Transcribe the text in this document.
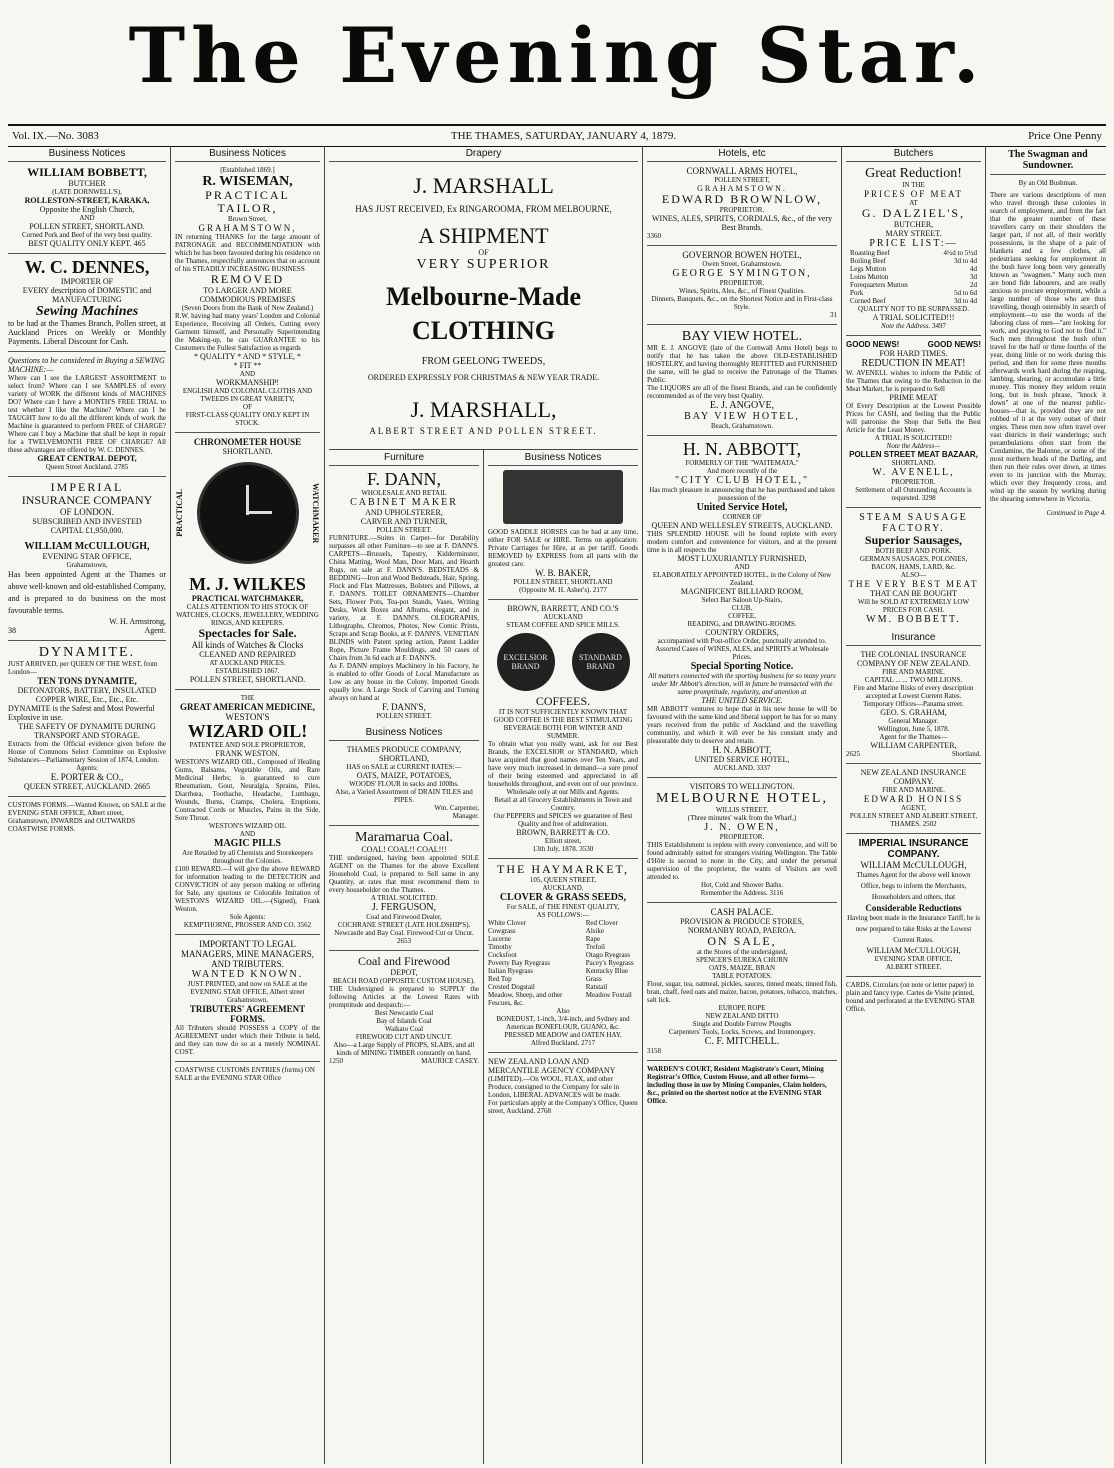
The Evening Star.
Vol. IX.—No. 3083	THE THAMES, SATURDAY, JANUARY 4, 1879.	Price One Penny
Business Notices
WILLIAM BOBBETT,
BUTCHER
(LATE DORNWELL'S),
ROLLESTON-STREET, KARAKA,
Opposite the English Church,
AND
POLLEN STREET, SHORTLAND.
Corned Pork and Beef of the very best quality.
BEST QUALITY ONLY KEPT. 465
W. C. DENNES,
IMPORTER OF
EVERY description of DOMESTIC and MANUFACTURING
Sewing Machines
to be had at the Thames Branch, Pollen street, at Auckland Prices on Weekly or Monthly Payments. Liberal Discount for Cash.
Questions to be considered in Buying a SEWING MACHINE:—
Where can I see the LARGEST ASSORTMENT to select from? Where can I see SAMPLES of every variety of WORK the different kinds of MACHINES DO? Where can I have a MONTH'S FREE TRIAL to test whether I like the Machine? Where can I be TAUGHT how to do all the different kinds of work the Machine is guaranteed to perform FREE of CHARGE? Where can I buy a Machine that shall be kept in repair for a TWELVEMONTH FREE OF CHARGE? All these advantages are offered by W. C. DENNES.
GREAT CENTRAL DEPOT,
Queen Street Auckland. 2785
IMPERIAL
INSURANCE COMPANY
OF LONDON.
SUBSCRIBED AND INVESTED
CAPITAL £1,950,000.
WILLIAM McCULLOUGH,
EVENING STAR OFFICE,
Grahamstown,
Has been appointed Agent at the Thames or above well-known and old-established Company, and is prepared to do business on the most favourable terms.
W. H. Armstrong,
38	Agent.
DYNAMITE.
JUST ARRIVED, per QUEEN OF THE WEST, from London—
TEN TONS DYNAMITE,
DETONATORS, BATTERY, INSULATED COPPER WIRE, Etc., Etc., Etc.
DYNAMITE is the Safest and Most Powerful Explosive in use.
THE SAFETY OF DYNAMITE DURING TRANSPORT AND STORAGE.
Extracts from the Official evidence given before the House of Commons Select Committee on Explosive Substances—Parliamentary Session of 1874, London.
Agents:
E. PORTER & CO.,
QUEEN STREET, AUCKLAND. 2665
CUSTOMS FORMS.—Wanted Known, on SALE at the EVENING STAR OFFICE, Albert street, Grahamstown, INWARDS and OUTWARDS COASTWISE FORMS.
Business Notices
[Established 1869.]
R. WISEMAN,
PRACTICAL TAILOR,
Brown Street,
GRAHAMSTOWN,
IN returning THANKS for the large amount of PATRONAGE and RECOMMENDATION with which he has been favoured during his residence on the Thames, respectfully announces that on account of his STEADILY INCREASING BUSINESS
REMOVED
TO LARGER AND MORE COMMODIOUS PREMISES
(Seven Doors from the Bank of New Zealand.)
R.W. having had many years' London and Colonial Experience, Receiving all Orders, Cutting every Garment himself, and Personally Superintending the Making-up, he can GUARANTEE to his Customers the Fullest Satisfaction as regards
* QUALITY * AND * STYLE, *
* FIT **
AND
WORKMANSHIP!
ENGLISH AND COLONIAL CLOTHS AND TWEEDS IN GREAT VARIETY,
OF
FIRST-CLASS QUALITY ONLY KEPT IN STOCK.
CHRONOMETER HOUSE
SHORTLAND.
PRACTICAL	WATCHMAKER
M. J. WILKES
PRACTICAL WATCHMAKER,
CALLS ATTENTION TO HIS STOCK OF WATCHES, CLOCKS, JEWELLERY, WEDDING RINGS, AND KEEPERS.
Spectacles for Sale.
All kinds of Watches & Clocks
CLEANED AND REPAIRED
AT AUCKLAND PRICES.
ESTABLISHED 1867.
POLLEN STREET, SHORTLAND.
THE
GREAT AMERICAN MEDICINE,
WESTON'S
WIZARD OIL!
PATENTEE AND SOLE PROPRIETOR,
FRANK WESTON.
WESTON'S WIZARD OIL, Composed of Healing Gums, Balsams, Vegetable Oils, and Rare Medicinal Herbs; is guaranteed to cure Rheumatism, Gout, Neuralgia, Sprains, Piles, Diarrhœa, Toothache, Headache, Lumbago, Wounds, Burns, Cramps, Cholera, Eruptions, Contracted Cords or Muscles, Pains in the Side, Sore Throat.
WESTON'S WIZARD OIL
AND
MAGIC PILLS
Are Retailed by all Chemists and Storekeepers throughout the Colonies.
£100 REWARD.—I will give the above REWARD for information leading to the DETECTION and CONVICTION of any person making or offering for Sale, any spurious or Colorable Imitation of WESTON'S WIZARD OIL.—(Signed), Frank Weston.
Sole Agents:
KEMPTHORNE, PROSSER AND CO. 3562
IMPORTANT TO LEGAL MANAGERS, MINE MANAGERS, AND TRIBUTERS.
WANTED KNOWN.
JUST PRINTED, and now on SALE at the EVENING STAR OFFICE, Albert street Grahamstown,
TRIBUTERS' AGREEMENT FORMS.
All Tributers should POSSESS a COPY of the AGREEMENT under which their Tribute is held, and they can now do so at a merely NOMINAL COST.
COASTWISE CUSTOMS ENTRIES (forms) ON SALE at the EVENING STAR Office
Drapery
J. MARSHALL
HAS JUST RECEIVED, Ex RINGAROOMA, FROM MELBOURNE,
A SHIPMENT
OF
VERY SUPERIOR
Melbourne-Made CLOTHING
FROM GEELONG TWEEDS,
ORDERED EXPRESSLY FOR CHRISTMAS & NEW YEAR TRADE.
J. MARSHALL,
ALBERT STREET AND POLLEN STREET.
Furniture
F. DANN,
WHOLESALE AND RETAIL
CABINET MAKER
AND UPHOLSTERER,
CARVER AND TURNER,
POLLEN STREET.
FURNITURE.—Suites in Carpet—for Durability surpasses all other Furniture—to see at F. DANN'S. CARPETS—Brussels, Tapestry, Kidderminster, China Matting, Wool Mats, Door Mats, and Hearth Rugs, on sale at F. DANN'S. BEDSTEADS & BEDDING—Iron and Wood Bedsteads, Hair, Spring, Flock and Flax Mattresses, Bolsters and Pillows, at F. DANN'S. TOILET ORNAMENTS—Chamber Sets, Flower Pots, Tea-pot Stands, Vases, Writing Desks, Work Boxes and Albums, elegant, and in variety, at F. DANN'S. OLEOGRAPHS, Lithographs, Chromos, Photos, New Comic Prints, Scraps and Scrap Books, at F. DANN'S. VENETIAN BLINDS with Patent spring action, Patent Ladder Rope, Picture Frame Mouldings, and 50 cases of Chairs from 3s 6d each at F. DANN'S.
As F. DANN employs Machinery in his Factory, he is enabled to offer Goods of Local Manufacture as Low as any house in the Colony. Imported Goods equally low. A Large Stock of Carving and Turning always on hand at
F. DANN'S,
POLLEN STREET.
Business Notices
THAMES PRODUCE COMPANY, SHORTLAND,
HAS on SALE at CURRENT RATES:—
OATS, MAIZE, POTATOES,
WOODS' FLOUR in sacks and 100lbs.
Also, a Varied Assortment of DRAIN TILES and PIPES.
Wm. Carpenter,
Manager.
Maramarua Coal.
COAL! COAL!! COAL!!!
THE undersigned, having been appointed SOLE AGENT on the Thames for the above Excellent Household Coal, is prepared to Sell same in any Quantity, at rates that must recommend them to every householder on the Thames.
A TRIAL SOLICITED.
J. FERGUSON,
Coal and Firewood Dealer,
COCHRANE STREET (LATE HOLDSHIP'S).
Newcastle and Bay Coal. Firewood Cut or Uncut. 2653
Coal and Firewood
DEPOT,
BEACH ROAD (OPPOSITE CUSTOM HOUSE).
THE Undersigned is prepared to SUPPLY the following Articles at the Lowest Rates with promptitude and despatch:—
Best Newcastle Coal
Bay of Islands Coal
Waikato Coal
FIREWOOD CUT AND UNCUT.
Also—a Large Supply of PROPS, SLABS, and all kinds of MINING TIMBER constantly on hand.
1250	MAURICE CASEY.
Business Notices
GOOD SADDLE HORSES can be had at any time, either FOR SALE or HIRE. Terms on application: Private Carriages for Hire, at as per tariff. Goods REMOVED by EXPRESS from all parts with the greatest care.
W. B. BAKER,
POLLEN STREET, SHORTLAND
(Opposite M. H. Asher's). 2177
BROWN, BARRETT, AND CO.'S
AUCKLAND
STEAM COFFEE AND SPICE MILLS.
EXCELSIOR BRAND
STANDARD BRAND
COFFEES.
IT IS NOT SUFFICIENTLY KNOWN THAT GOOD COFFEE IS THE BEST STIMULATING BEVERAGE BOTH FOR WINTER AND SUMMER.
To obtain what you really want, ask for our Best Brands, the EXCELSIOR or STANDARD, which have acquired that good names over Ten Years, and have very much increased in demand—a sure proof of their being esteemed and appreciated in all households throughout, and even out of our province.
Wholesale only at our Mills and Agents.
Retail at all Grocery Establishments in Town and Country.
Our PEPPERS and SPICES we guarantee of Best Quality and free of adulteration.
BROWN, BARRETT & CO.
Elliott street,
13th July, 1878. 3530
THE HAYMARKET,
105, QUEEN STREET,
AUCKLAND.
CLOVER & GRASS SEEDS,
For SALE, of THE FINEST QUALITY,
AS FOLLOWS:—
White Clover
Cowgrass
Lucerne
Timothy
Cocksfoot
Poverty Bay Ryegrass
Italian Ryegrass
Red Top
Crested Dogstail
Meadow, Sheep, and other Fescues, &c.
Red Clover
Alsike
Rape
Trefoil
Otago Ryegrass
Pacey's Ryegrass
Kentucky Blue Grass
Ratstail
Meadow Foxtail
Also
BONEDUST, 1-inch, 3/4-inch, and Sydney and American BONEFLOUR, GUANO, &c.
PRESSED MEADOW and OATEN HAY.
Alfred Buckland. 2717
NEW ZEALAND LOAN AND MERCANTILE AGENCY COMPANY
(LIMITED).—On WOOL, FLAX, and other Produce, consigned to the Company for sale in London, LIBERAL ADVANCES will be made.
For particulars apply at the Company's Office, Queen street, Auckland. 2768
Hotels, etc
CORNWALL ARMS HOTEL,
POLLEN STREET,
GRAHAMSTOWN.
EDWARD BROWNLOW,
PROPRIETOR.
WINES, ALES, SPIRITS, CORDIALS, &c., of the very Best Brands.
3360
GOVERNOR BOWEN HOTEL,
Owen Street, Grahamstown.
GEORGE SYMINGTON,
PROPRIETOR.
Wines, Spirits, Ales, &c., of Finest Qualities.
Dinners, Banquets, &c., on the Shortest Notice and in First-class Style.
31
BAY VIEW HOTEL.
MR E. J. ANGOVE (late of the Cornwall Arms Hotel) begs to notify that he has taken the above OLD-ESTABLISHED HOSTELRY, and having thoroughly REFITTED and FURNISHED the same, will be glad to receive the Patronage of the Thames Public.
The LIQUORS are all of the finest Brands, and can be confidently recommended as of the very best Quality.
E. J. ANGOVE,
BAY VIEW HOTEL,
Beach, Grahamstown.
H. N. ABBOTT,
FORMERLY OF THE "WAITEMATA,"
And more recently of the
"CITY CLUB HOTEL,"
Has much pleasure in announcing that he has purchased and taken possession of the
United Service Hotel,
CORNER OF
QUEEN AND WELLESLEY STREETS, AUCKLAND.
THIS SPLENDID HOUSE will be found replete with every modern comfort and convenience for visitors, and at the present time is in all respects the
MOST LUXURIANTLY FURNISHED,
AND
ELABORATELY APPOINTED HOTEL, in the Colony of New Zealand.
MAGNIFICENT BILLIARD ROOM,
Select Bar Saloon Up-Stairs,
CLUB,
COFFEE,
READING, and DRAWING-ROOMS.
COUNTRY ORDERS,
accompanied with Post-office Order, punctually attended to.
Assorted Cases of WINES, ALES, and SPIRITS at Wholesale Prices.
Special Sporting Notice.
All matters connected with the sporting business for so many years under Mr Abbott's direction, will in future be transacted with the same promptitude, regularity, and attention at
THE UNITED SERVICE.
MR ABBOTT ventures to hope that in his new house he will be favoured with the same kind and liberal support he has for so many years received from the public of Auckland and the travelling community, and which it will ever be his constant study and pleasurable duty to deserve and retain.
H. N. ABBOTT,
UNITED SERVICE HOTEL,
AUCKLAND. 3337
VISITORS TO WELLINGTON.
MELBOURNE HOTEL,
WILLIS STREET,
(Three minutes' walk from the Wharf,)
J. N. OWEN,
PROPRIETOR.
THIS Establishment is replete with every convenience, and will be found admirably suited for strangers visiting Wellington. The Table d'Hôte is second to none in the City, and under the personal supervision of the proprietor, the wants of Visitors are well attended to.
Hot, Cold and Shower Baths.
Remember the Address. 3116
CASH PALACE.
PROVISION & PRODUCE STORES,
NORMANBY ROAD, PAEROA.
ON SALE,
at the Stores of the undersigned,
SPENCER'S EUREKA CHURN
OATS, MAIZE, BRAN
TABLE POTATOES.
Flour, sugar, tea, oatmeal, pickles, sauces, tinned meats, tinned fish, bran, chaff, feed oats and maize, bacon, potatoes, tobacco, matches, salt lick.
EUROPE ROPE
NEW ZEALAND DITTO
Single and Double Furrow Ploughs
Carpenters' Tools, Locks, Screws, and Ironmongery.
C. F. MITCHELL.
3158
WARDEN'S COURT, Resident Magistrate's Court, Mining Registrar's Office, Custom House, and all other forms—including those in use by Mining Companies, Claim holders, &c., printed on the shortest notice at the EVENING STAR Office.
Butchers
Great Reduction!
IN THE
PRICES OF MEAT
AT
G. DALZIEL'S,
BUTCHER,
MARY STREET.
PRICE LIST:—
Roasting Beef	4½d to 5½d
Boiling Beef	3d to 4d
Legs Mutton	4d
Loins Mutton	3d
Forequarters Mutton	2d
Pork	5d to 6d
Corned Beef	3d to 4d
QUALITY NOT TO BE SURPASSED.
A TRIAL SOLICITED!!!
Note the Address. 3497
GOOD NEWS!	GOOD NEWS!
FOR HARD TIMES.
REDUCTION IN MEAT!
W. AVENELL wishes to inform the Public of the Thames that owing to the Reduction in the Meat Market, he is prepared to Sell
PRIME MEAT
Of Every Description at the Lowest Possible Prices for CASH, and feeling that the Public will patronise the Shop that Sells the Best Article for the Least Money.
A TRIAL IS SOLICITED!!
Note the Address—
POLLEN STREET MEAT BAZAAR,
SHORTLAND.
W. AVENELL,
PROPRIETOR.
Settlement of all Outstanding Accounts is requested. 3298
STEAM SAUSAGE FACTORY.
Superior Sausages,
BOTH BEEF AND PORK.
GERMAN SAUSAGES, POLONIES,
BACON, HAMS, LARD, &c.
ALSO—
THE VERY BEST MEAT
THAT CAN BE BOUGHT
Will be SOLD AT EXTREMELY LOW
PRICES FOR CASH.
WM. BOBBETT.
Insurance
THE COLONIAL INSURANCE COMPANY OF NEW ZEALAND.
FIRE AND MARINE.
CAPITAL ... ... TWO MILLIONS.
Fire and Marine Risks of every description accepted at Lowest Current Rates.
Temporary Offices—Panama street.
GEO. S. GRAHAM,
General Manager.
Wellington, June 5, 1878.
Agent for the Thames—
WILLIAM CARPENTER,
2625	Shortland.
NEW ZEALAND INSURANCE COMPANY.
FIRE AND MARINE.
EDWARD HONISS
AGENT,
POLLEN STREET AND ALBERT STREET,
THAMES. 2502
IMPERIAL INSURANCE
COMPANY.
WILLIAM McCULLOUGH,
Thames Agent for the above well known Office, begs to inform the Merchants, Householders and others, that
Considerable Reductions
Having been made in the Insurance Tariff, he is now prepared to take Risks at the Lowest Current Rates.
WILLIAM McCULLOUGH,
EVENING STAR OFFICE,
ALBERT STREET.
CARDS, Circulars (on note or letter paper) in plain and fancy type. Cartes de Visite printed, bound and perforated at the EVENING STAR Office.
The Swagman and Sundowner.
By an Old Bushman.
There are various descriptions of men who travel through these colonies in search of employment, and from the fact that the greater number of these travellers carry on their shoulders the larger part, if not all, of their worldly possessions, in the shape of a pair of blankets and a few clothes, all pedestrians seeking for employment in the bush have long been very generally known as "swagmen." Many such men are bond fide labourers, and are really anxious to procure employment, while a large number of those who are thus travelling, though ostensibly in search of employment—to use the words of the laboring class of men—"are looking for work, and praying to God not to find it." Such men throughout the bush often travel for the half or three fourths of the year, doing little or no work during this period, and then for some three months afterwards work hard during the reaping, lambing, shearing, or accumulate a little money. This money they seldom retain long, but in bush phrase, "knock it down" at one of the nearest public-houses—that is, provided they are not robbed of it at the very outset of their orgies. These men now often travel over vast districts in their wanderings; such perambulations often start from the Condamine, the Balonne, or some of the most northern heads of the Darling, and then run their rules over down, at times even to its junction with the Murray, which over they frequently cross, and wind up the season by working during the shearing somewhere in Victoria.
Continued in Page 4.
